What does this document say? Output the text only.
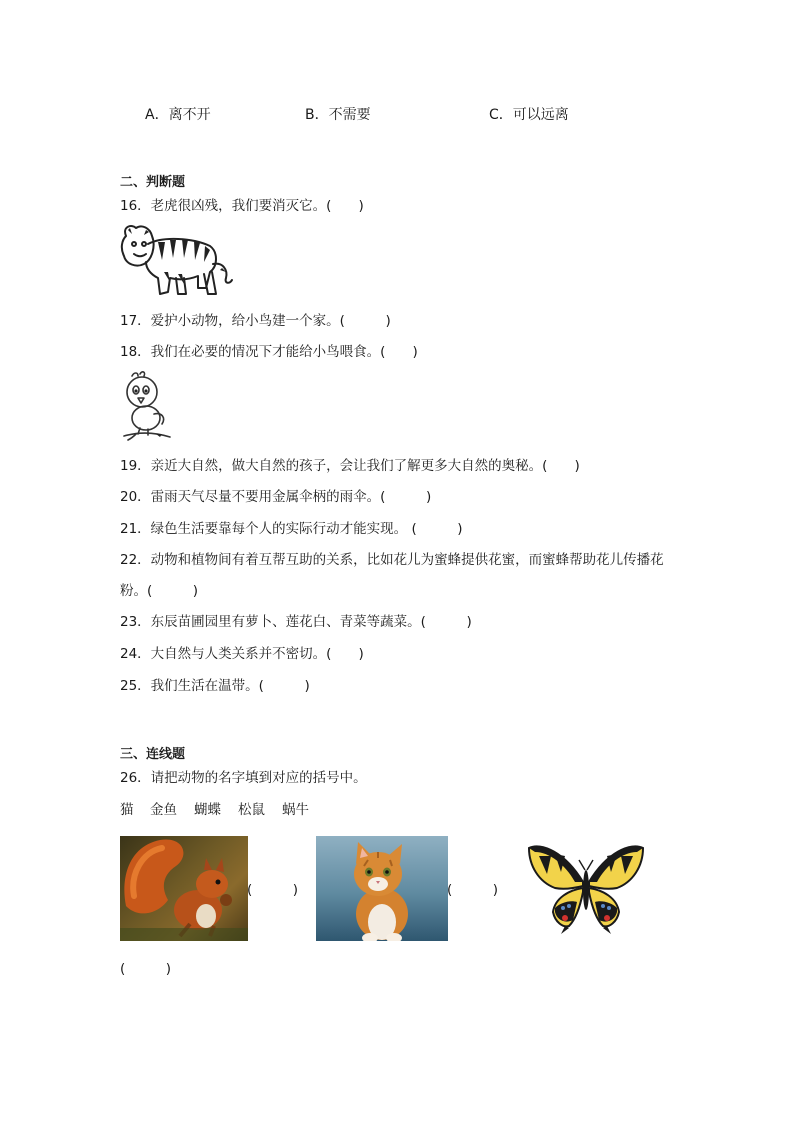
A．离不开	B．不需要	C．可以远离
二、判断题
16．老虎很凶残，我们要消灭它。(　　)
17．爱护小动物，给小鸟建一个家。(　　　)
18．我们在必要的情况下才能给小鸟喂食。(　　)
19．亲近大自然，做大自然的孩子，会让我们了解更多大自然的奥秘。(　　)
20．雷雨天气尽量不要用金属伞柄的雨伞。(　　　)
21．绿色生活要靠每个人的实际行动才能实现。 (　　　)
22．动物和植物间有着互帮互助的关系，比如花儿为蜜蜂提供花蜜，而蜜蜂帮助花儿传播花
粉。(　　　)
23．东辰苗圃园里有萝卜、莲花白、青菜等蔬菜。(　　　)
24．大自然与人类关系并不密切。(　　)
25．我们生活在温带。(　　　)
三、连线题
26．请把动物的名字填到对应的括号中。
猫 金鱼 蝴蝶 松鼠 蜗牛
(　　　)	(　　　)
(　　　)
